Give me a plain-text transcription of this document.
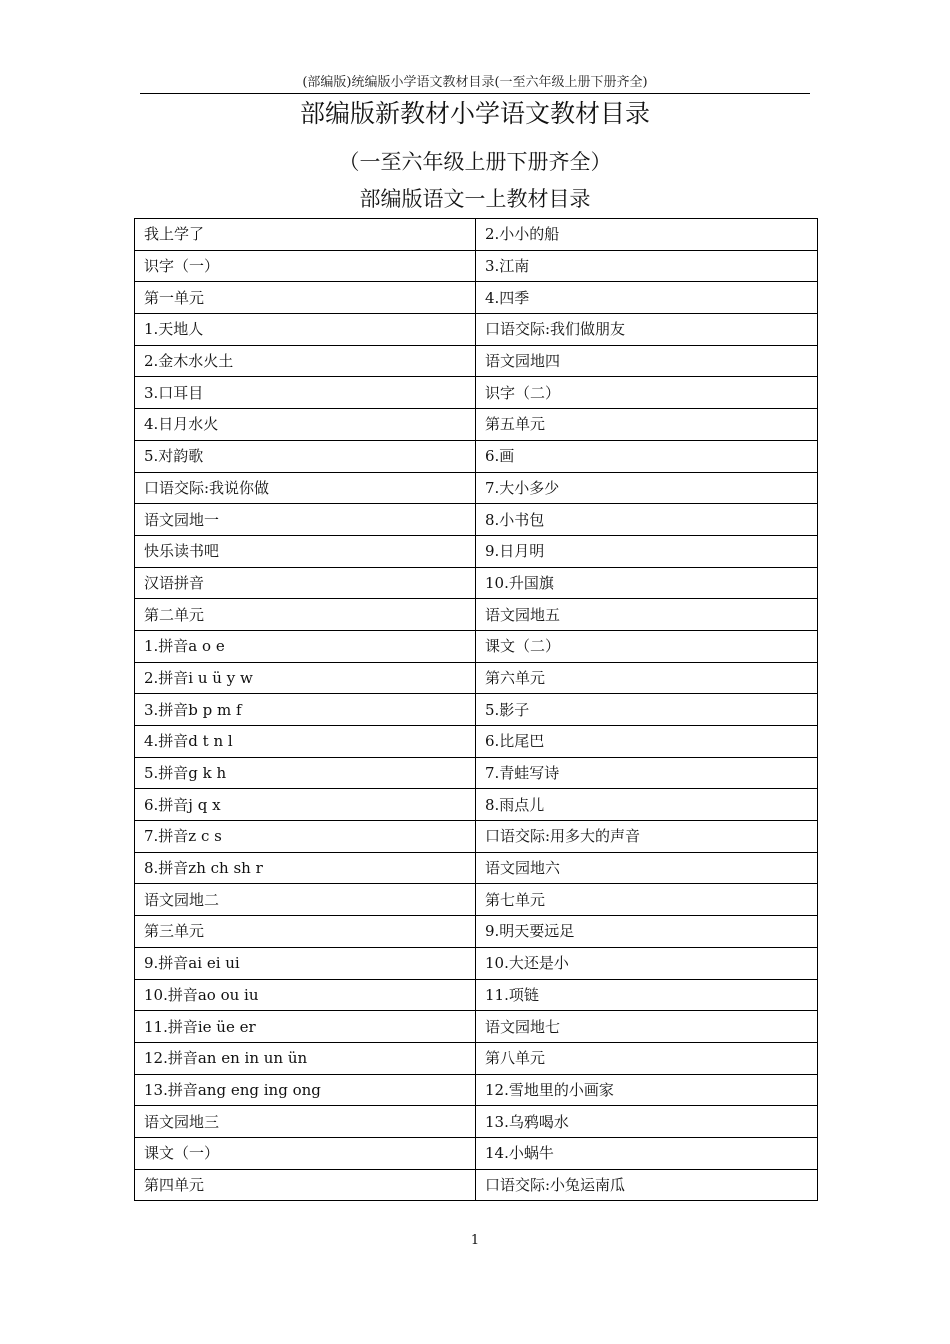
(部编版)统编版小学语文教材目录(一至六年级上册下册齐全)
部编版新教材小学语文教材目录
（一至六年级上册下册齐全）
部编版语文一上教材目录
我上学了	2.小小的船
识字（一）	3.江南
第一单元	4.四季
1.天地人	口语交际:我们做朋友
2.金木水火土	语文园地四
3.口耳目	识字（二）
4.日月水火	第五单元
5.对韵歌	6.画
口语交际:我说你做	7.大小多少
语文园地一	8.小书包
快乐读书吧	9.日月明
汉语拼音	10.升国旗
第二单元	语文园地五
1.拼音a o e	课文（二）
2.拼音i u ü y w	第六单元
3.拼音b p m f	5.影子
4.拼音d t n l	6.比尾巴
5.拼音g k h	7.青蛙写诗
6.拼音j q x	8.雨点儿
7.拼音z c s	口语交际:用多大的声音
8.拼音zh ch sh r	语文园地六
语文园地二	第七单元
第三单元	9.明天要远足
9.拼音ai ei ui	10.大还是小
10.拼音ao ou iu	11.项链
11.拼音ie üe er	语文园地七
12.拼音an en in un ün	第八单元
13.拼音ang eng ing ong	12.雪地里的小画家
语文园地三	13.乌鸦喝水
课文（一）	14.小蜗牛
第四单元	口语交际:小兔运南瓜
1
